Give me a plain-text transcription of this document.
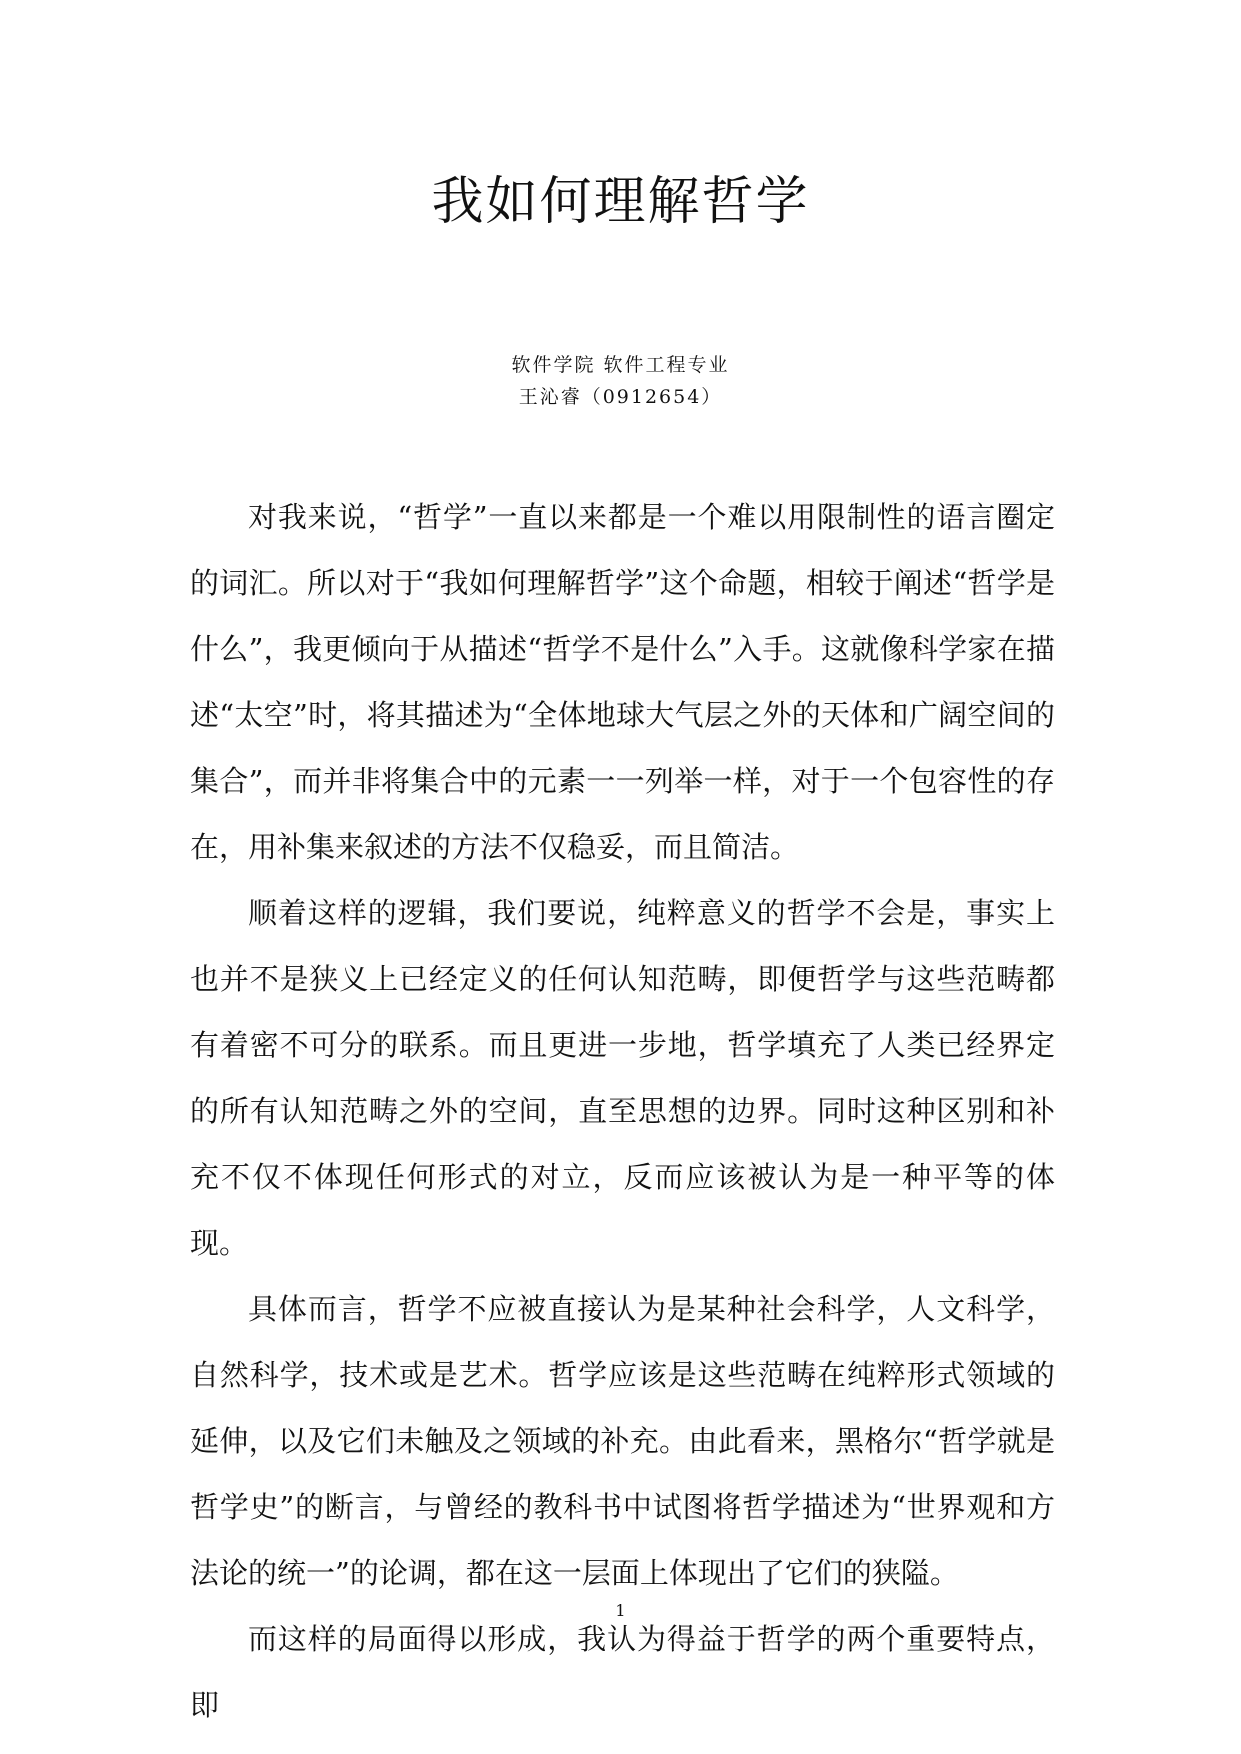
我如何理解哲学
软件学院 软件工程专业
王沁睿（0912654）

对我来说，“哲学”一直以来都是一个难以用限制性的语言圈定的词汇。所以对于“我如何理解哲学”这个命题，相较于阐述“哲学是什么”，我更倾向于从描述“哲学不是什么”入手。这就像科学家在描述“太空”时，将其描述为“全体地球大气层之外的天体和广阔空间的集合”，而并非将集合中的元素一一列举一样，对于一个包容性的存在，用补集来叙述的方法不仅稳妥，而且简洁。

顺着这样的逻辑，我们要说，纯粹意义的哲学不会是，事实上也并不是狭义上已经定义的任何认知范畴，即便哲学与这些范畴都有着密不可分的联系。而且更进一步地，哲学填充了人类已经界定的所有认知范畴之外的空间，直至思想的边界。同时这种区别和补充不仅不体现任何形式的对立，反而应该被认为是一种平等的体现。

具体而言，哲学不应被直接认为是某种社会科学，人文科学，自然科学，技术或是艺术。哲学应该是这些范畴在纯粹形式领域的延伸，以及它们未触及之领域的补充。由此看来，黑格尔“哲学就是哲学史”的断言，与曾经的教科书中试图将哲学描述为“世界观和方法论的统一”的论调，都在这一层面上体现出了它们的狭隘。

而这样的局面得以形成，我认为得益于哲学的两个重要特点，即

1
